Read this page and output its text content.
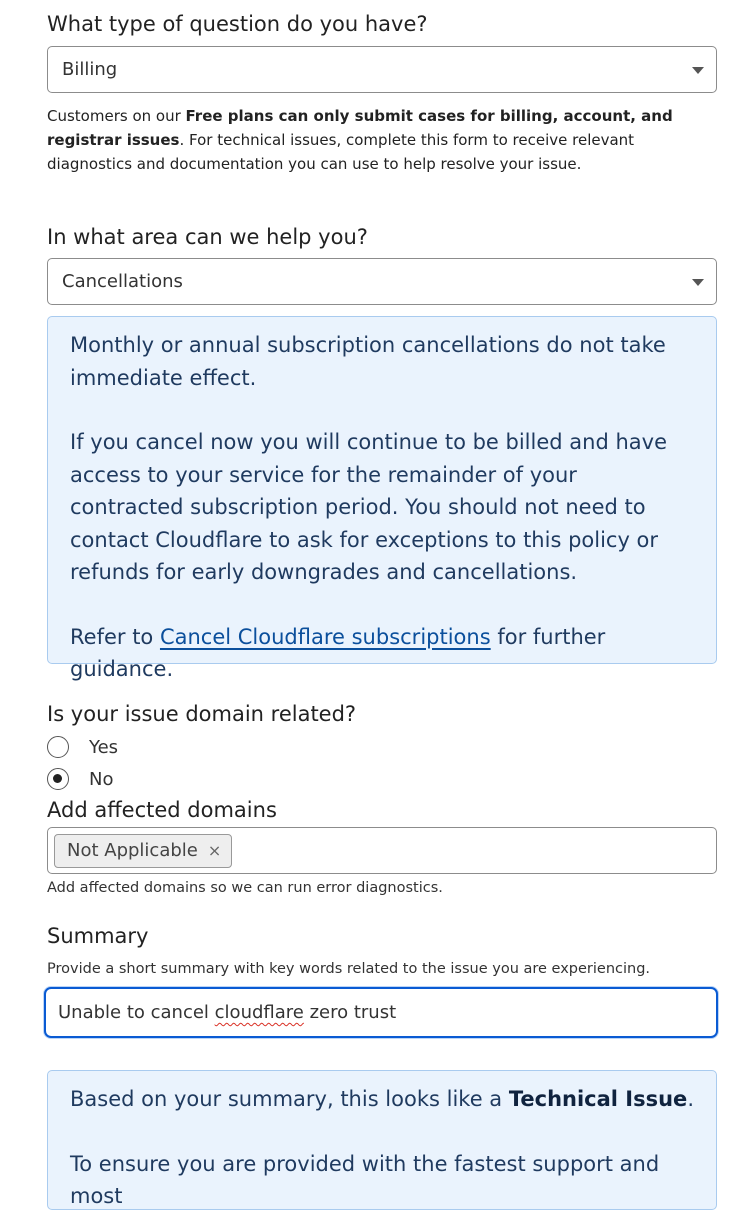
What type of question do you have?

Billing

Customers on our Free plans can only submit cases for billing, account, and registrar issues. For technical issues, complete this form to receive relevant diagnostics and documentation you can use to help resolve your issue.

In what area can we help you?

Cancellations

Monthly or annual subscription cancellations do not take immediate effect.

If you cancel now you will continue to be billed and have access to your service for the remainder of your contracted subscription period. You should not need to contact Cloudflare to ask for exceptions to this policy or refunds for early downgrades and cancellations.

Refer to Cancel Cloudflare subscriptions for further guidance.

Is your issue domain related?

Yes
No

Add affected domains

Not Applicable ×

Add affected domains so we can run error diagnostics.

Summary

Provide a short summary with key words related to the issue you are experiencing.

Unable to cancel cloudflare zero trust

Based on your summary, this looks like a Technical Issue.

To ensure you are provided with the fastest support and most
